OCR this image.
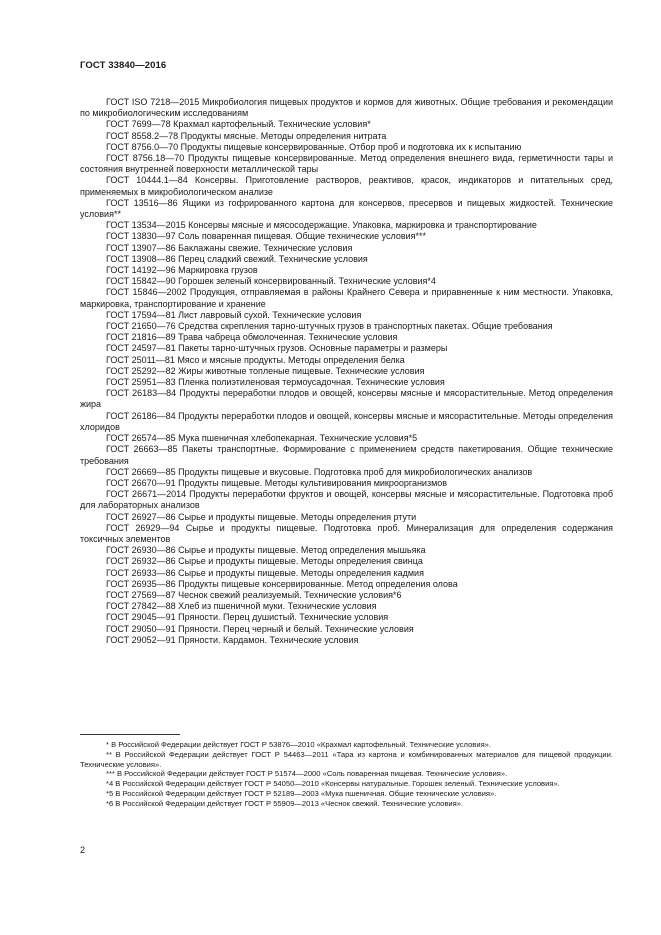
ГОСТ 33840—2016

ГОСТ ISO 7218—2015 Микробиология пищевых продуктов и кормов для животных. Общие требования и рекомендации по микробиологическим исследованиям

ГОСТ 7699—78 Крахмал картофельный. Технические условия*

ГОСТ 8558.2—78 Продукты мясные. Методы определения нитрата

ГОСТ 8756.0—70 Продукты пищевые консервированные. Отбор проб и подготовка их к испытанию

ГОСТ 8756.18—70 Продукты пищевые консервированные. Метод определения внешнего вида, герметичности тары и состояния внутренней поверхности металлической тары

ГОСТ 10444.1—84 Консервы. Приготовление растворов, реактивов, красок, индикаторов и питательных сред, применяемых в микробиологическом анализе

ГОСТ 13516—86 Ящики из гофрированного картона для консервов, пресервов и пищевых жидкостей. Технические условия**

ГОСТ 13534—2015 Консервы мясные и мясосодержащие. Упаковка, маркировка и транспортирование

ГОСТ 13830—97 Соль поваренная пищевая. Общие технические условия***

ГОСТ 13907—86 Баклажаны свежие. Технические условия

ГОСТ 13908—86 Перец сладкий свежий. Технические условия

ГОСТ 14192—96 Маркировка грузов

ГОСТ 15842—90 Горошек зеленый консервированный. Технические условия*4

ГОСТ 15846—2002 Продукция, отправляемая в районы Крайнего Севера и приравненные к ним местности. Упаковка, маркировка, транспортирование и хранение

ГОСТ 17594—81 Лист лавровый сухой. Технические условия

ГОСТ 21650—76 Средства скрепления тарно-штучных грузов в транспортных пакетах. Общие требования

ГОСТ 21816—89 Трава чабреца обмолоченная. Технические условия

ГОСТ 24597—81 Пакеты тарно-штучных грузов. Основные параметры и размеры

ГОСТ 25011—81 Мясо и мясные продукты. Методы определения белка

ГОСТ 25292—82 Жиры животные топленые пищевые. Технические условия

ГОСТ 25951—83 Пленка полиэтиленовая термоусадочная. Технические условия

ГОСТ 26183—84 Продукты переработки плодов и овощей, консервы мясные и мясорастительные. Метод определения жира

ГОСТ 26186—84 Продукты переработки плодов и овощей, консервы мясные и мясорастительные. Методы определения хлоридов

ГОСТ 26574—85 Мука пшеничная хлебопекарная. Технические условия*5

ГОСТ 26663—85 Пакеты транспортные. Формирование с применением средств пакетирования. Общие технические требования

ГОСТ 26669—85 Продукты пищевые и вкусовые. Подготовка проб для микробиологических анализов

ГОСТ 26670—91 Продукты пищевые. Методы культивирования микроорганизмов

ГОСТ 26671—2014 Продукты переработки фруктов и овощей, консервы мясные и мясорастительные. Подготовка проб для лабораторных анализов

ГОСТ 26927—86 Сырье и продукты пищевые. Методы определения ртути

ГОСТ 26929—94 Сырье и продукты пищевые. Подготовка проб. Минерализация для определения содержания токсичных элементов

ГОСТ 26930—86 Сырье и продукты пищевые. Метод определения мышьяка

ГОСТ 26932—86 Сырье и продукты пищевые. Методы определения свинца

ГОСТ 26933—86 Сырье и продукты пищевые. Методы определения кадмия

ГОСТ 26935—86 Продукты пищевые консервированные. Метод определения олова

ГОСТ 27569—87 Чеснок свежий реализуемый. Технические условия*6

ГОСТ 27842—88 Хлеб из пшеничной муки. Технические условия

ГОСТ 29045—91 Пряности. Перец душистый. Технические условия

ГОСТ 29050—91 Пряности. Перец черный и белый. Технические условия

ГОСТ 29052—91 Пряности. Кардамон. Технические условия

* В Российской Федерации действует ГОСТ Р 53876—2010 «Крахмал картофельный. Технические условия».

** В Российской Федерации действует ГОСТ Р 54463—2011 «Тара из картона и комбинированных материалов для пищевой продукции. Технические условия».

*** В Российской Федерации действует ГОСТ Р 51574—2000 «Соль поваренная пищевая. Технические условия».

*4 В Российской Федерации действует ГОСТ Р 54050—2010 «Консервы натуральные. Горошек зеленый. Технические условия».

*5 В Российской Федерации действует ГОСТ Р 52189—2003 «Мука пшеничная. Общие технические условия».

*6 В Российской Федерации действует ГОСТ Р 55909—2013 «Чеснок свежий. Технические условия».

2
